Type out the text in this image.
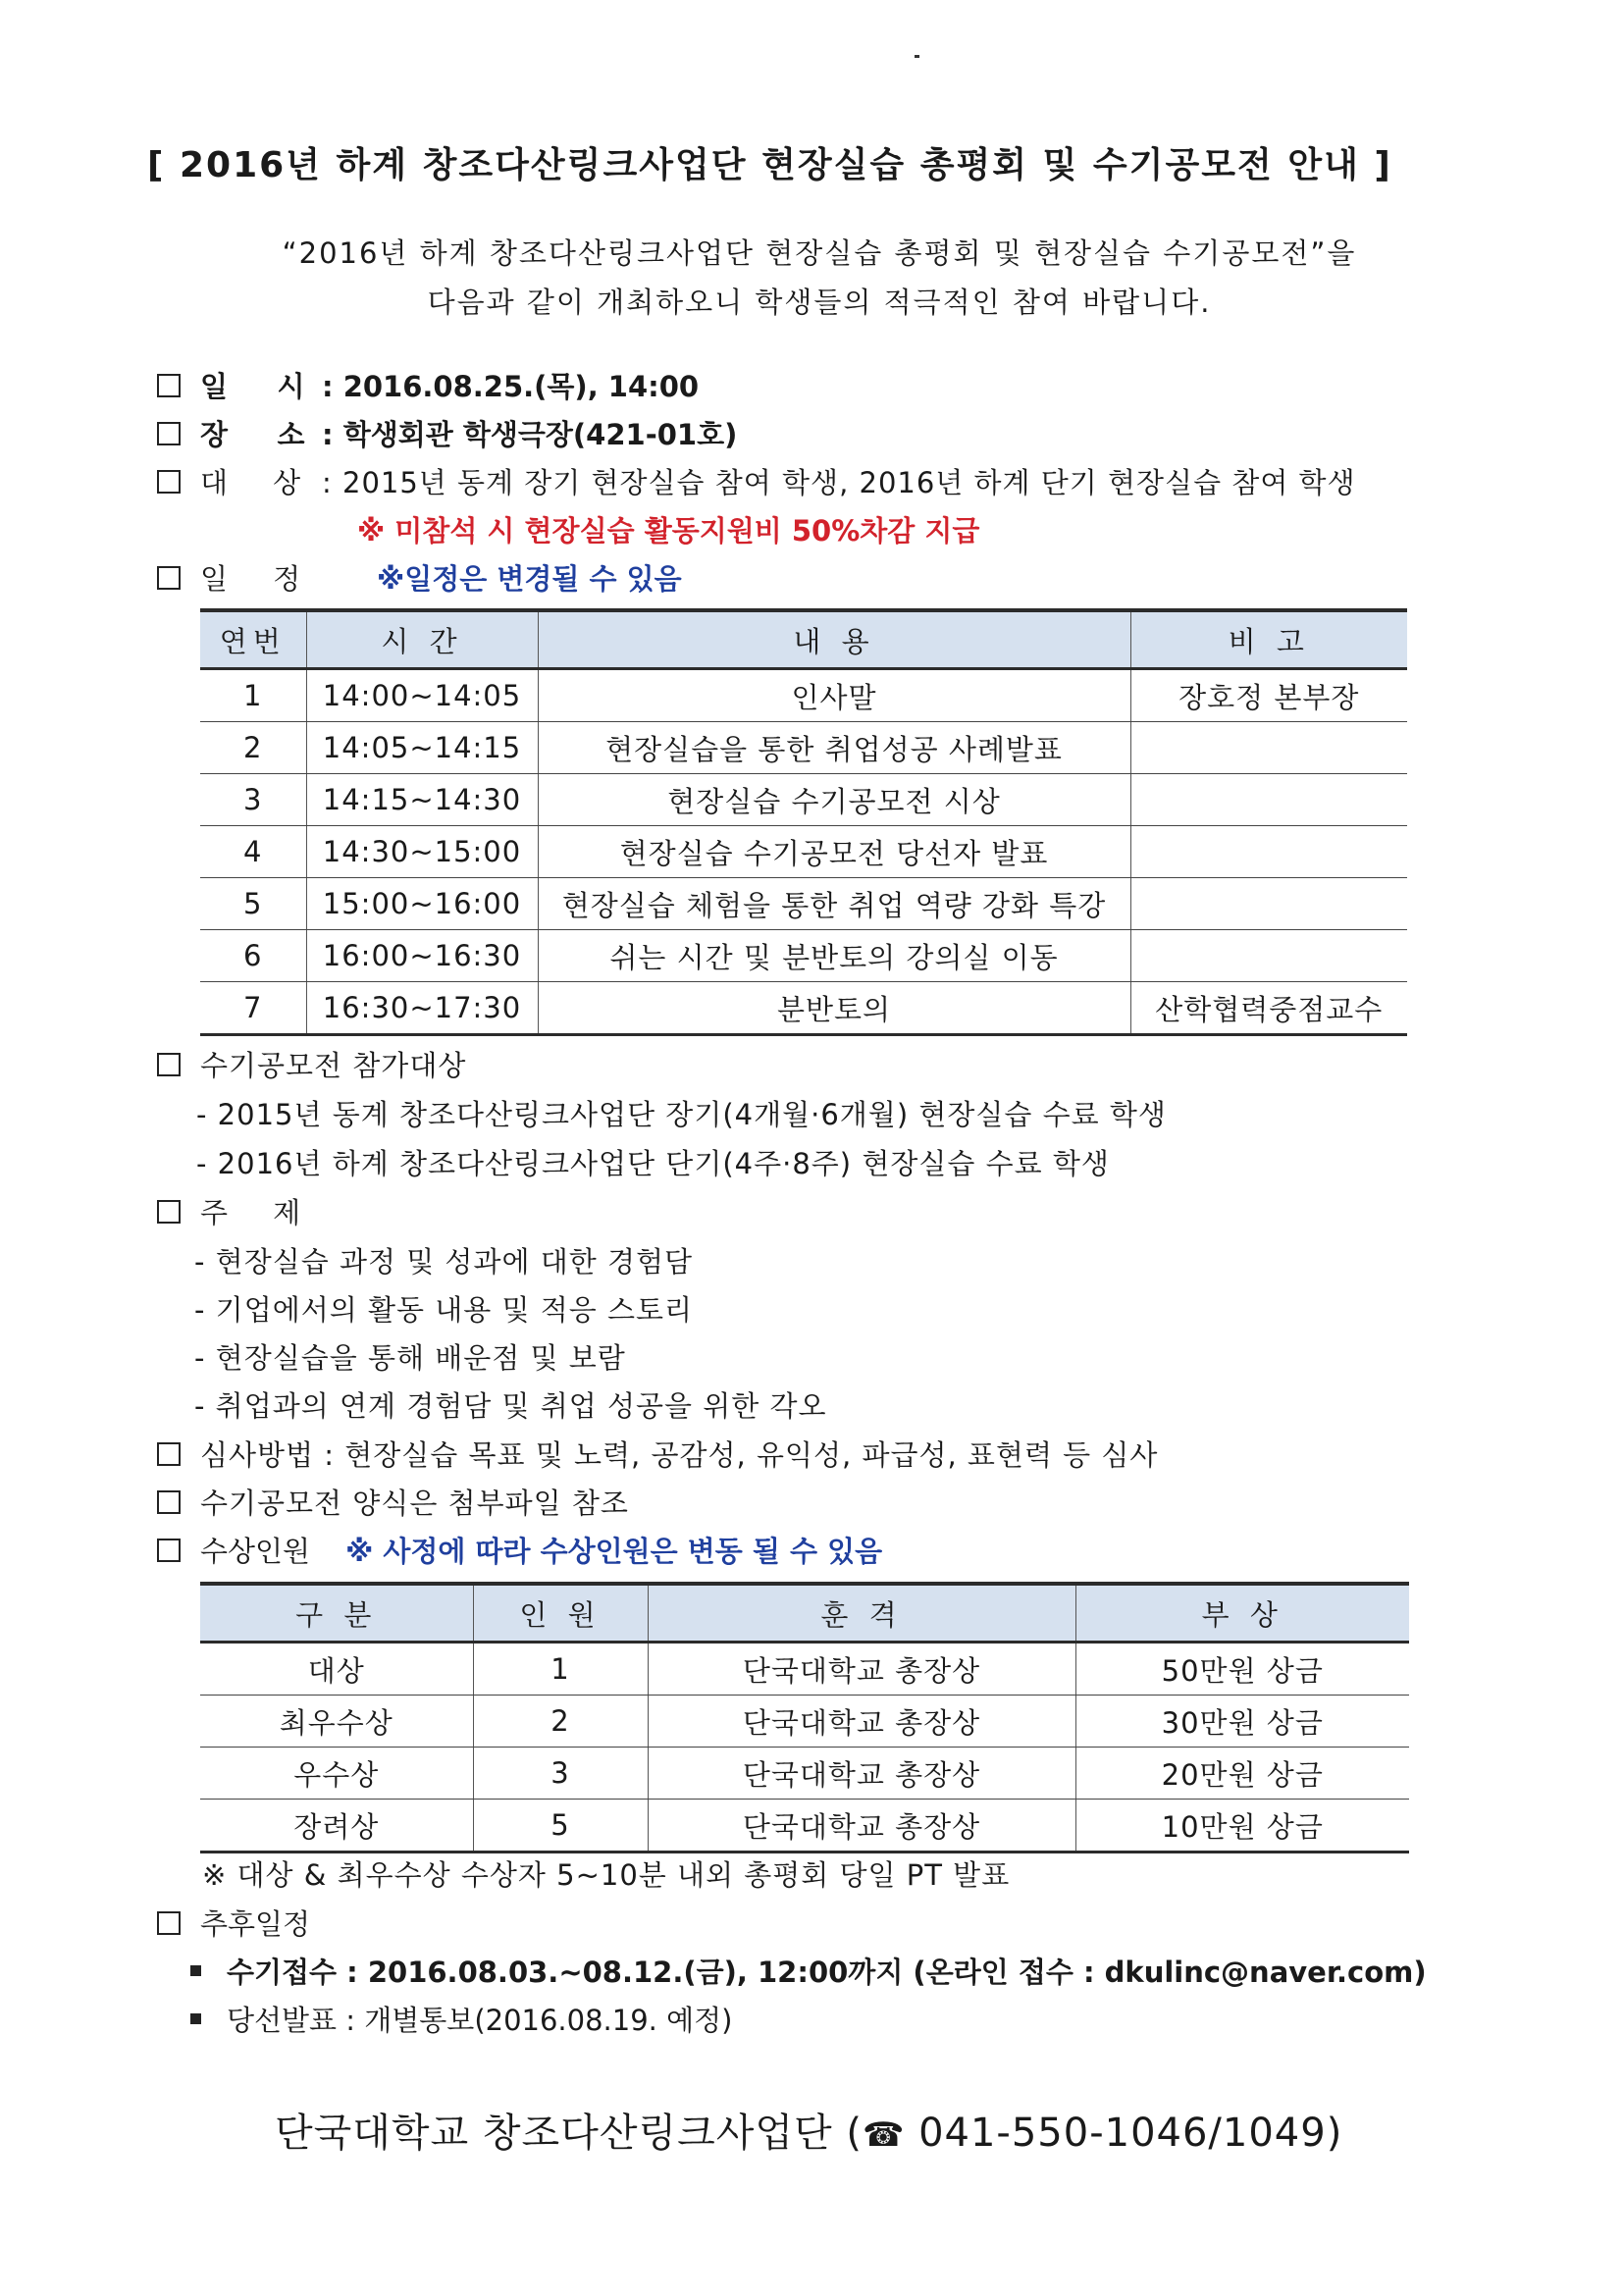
[ 2016년 하계 창조다산링크사업단 현장실습 총평회 및 수기공모전 안내 ]
“2016년 하계 창조다산링크사업단 현장실습 총평회 및 현장실습 수기공모전”을
다음과 같이 개최하오니 학생들의 적극적인 참여 바랍니다.
일     시 : 2016.08.25.(목), 14:00
장     소 : 학생회관 학생극장(421-01호)
대     상 : 2015년 동계 장기 현장실습 참여 학생, 2016년 하계 단기 현장실습 참여 학생
※ 미참석 시 현장실습 활동지원비 50%차감 지급
일     정	※일정은 변경될 수 있음
연번	시 간	내 용	비 고
1	14:00~14:05	인사말	장호정 본부장
2	14:05~14:15	현장실습을 통한 취업성공 사례발표	
3	14:15~14:30	현장실습 수기공모전 시상	
4	14:30~15:00	현장실습 수기공모전 당선자 발표	
5	15:00~16:00	현장실습 체험을 통한 취업 역량 강화 특강	
6	16:00~16:30	쉬는 시간 및 분반토의 강의실 이동	
7	16:30~17:30	분반토의	산학협력중점교수
수기공모전 참가대상
- 2015년 동계 창조다산링크사업단 장기(4개월·6개월) 현장실습 수료 학생
- 2016년 하계 창조다산링크사업단 단기(4주·8주) 현장실습 수료 학생
주     제
- 현장실습 과정 및 성과에 대한 경험담
- 기업에서의 활동 내용 및 적응 스토리
- 현장실습을 통해 배운점 및 보람
- 취업과의 연계 경험담 및 취업 성공을 위한 각오
심사방법 : 현장실습 목표 및 노력, 공감성, 유익성, 파급성, 표현력 등 심사
수기공모전 양식은 첨부파일 참조
수상인원 ※ 사정에 따라 수상인원은 변동 될 수 있음
구 분	인 원	훈 격	부 상
대상	1	단국대학교 총장상	50만원 상금
최우수상	2	단국대학교 총장상	30만원 상금
우수상	3	단국대학교 총장상	20만원 상금
장려상	5	단국대학교 총장상	10만원 상금
※ 대상 & 최우수상 수상자 5~10분 내외 총평회 당일 PT 발표
추후일정
수기접수 : 2016.08.03.~08.12.(금), 12:00까지 (온라인 접수 : dkulinc@naver.com)
당선발표 : 개별통보(2016.08.19. 예정)
단국대학교 창조다산링크사업단 (☎ 041-550-1046/1049)
